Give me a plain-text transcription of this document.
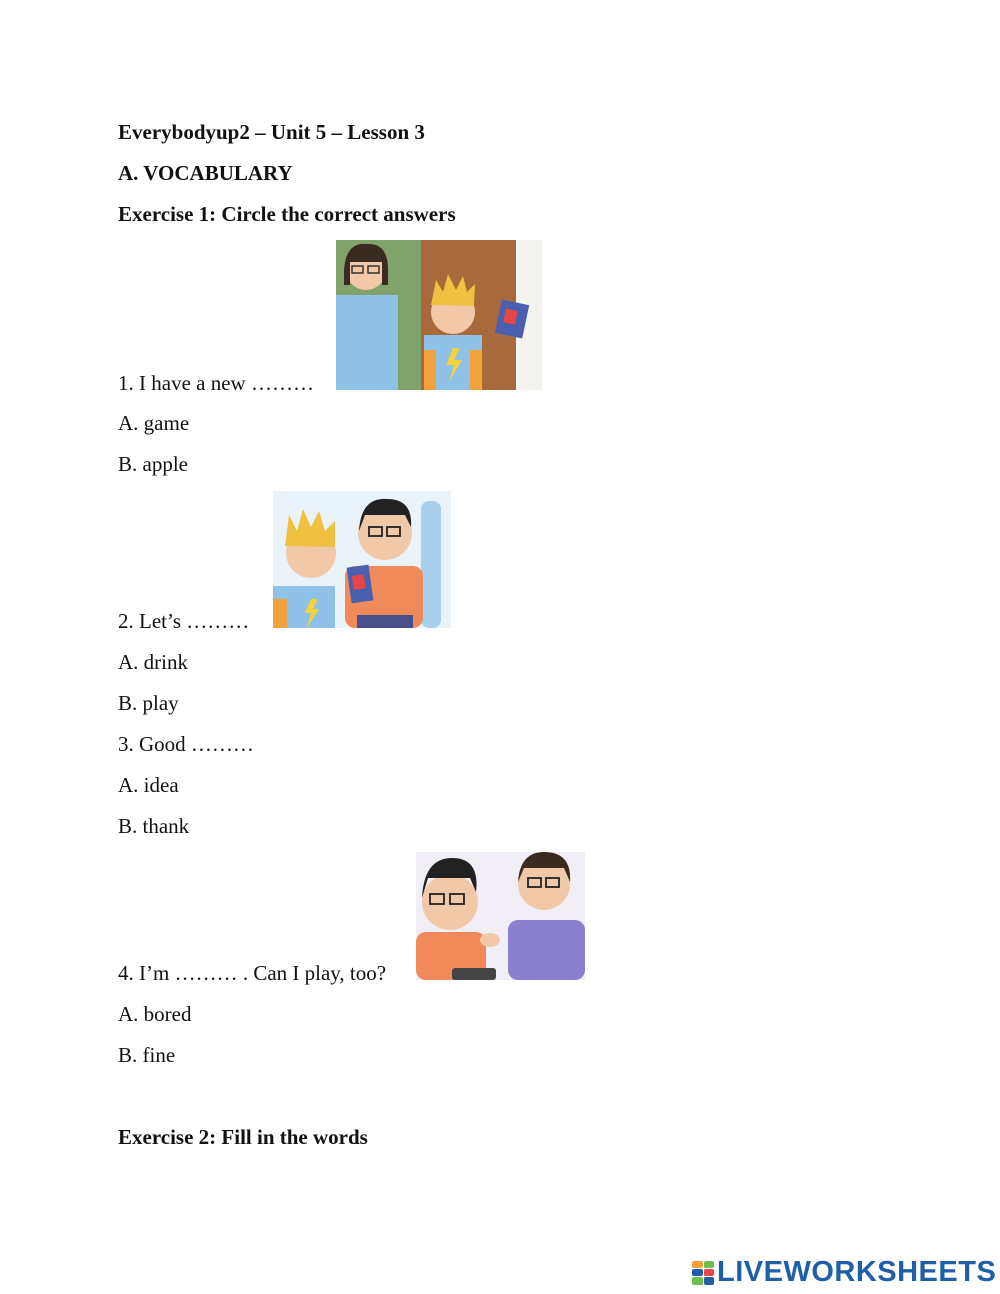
Everybodyup2 – Unit 5 – Lesson 3
A. VOCABULARY
Exercise 1: Circle the correct answers
1. I have a new ………
A. game
B. apple
2. Let’s ………
A. drink
B. play
3. Good ………
A. idea
B. thank
4. I’m ……… . Can I play, too?
A. bored
B. fine
Exercise 2: Fill in the words
LIVEWORKSHEETS
